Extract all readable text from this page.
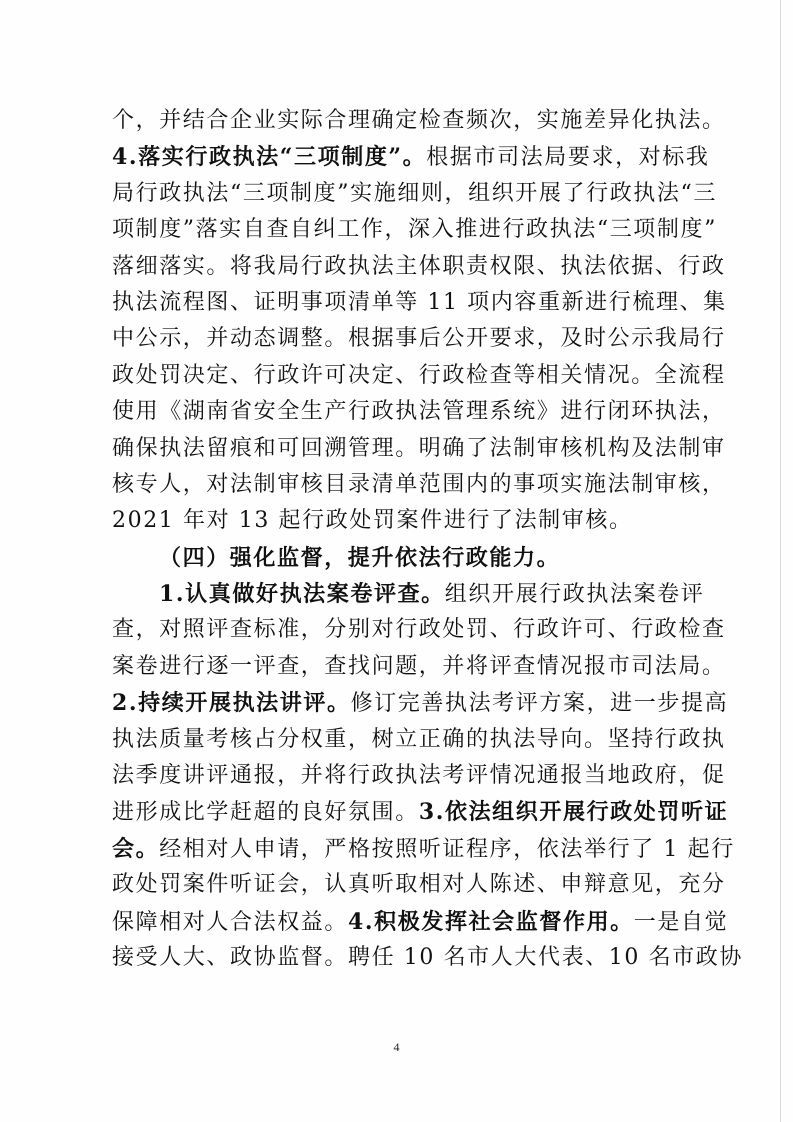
个，并结合企业实际合理确定检查频次，实施差异化执法。
4.落实行政执法“三项制度”。根据市司法局要求，对标我
局行政执法“三项制度”实施细则，组织开展了行政执法“三
项制度”落实自查自纠工作，深入推进行政执法“三项制度”
落细落实。将我局行政执法主体职责权限、执法依据、行政
执法流程图、证明事项清单等 11 项内容重新进行梳理、集
中公示，并动态调整。根据事后公开要求，及时公示我局行
政处罚决定、行政许可决定、行政检查等相关情况。全流程
使用《湖南省安全生产行政执法管理系统》进行闭环执法，
确保执法留痕和可回溯管理。明确了法制审核机构及法制审
核专人，对法制审核目录清单范围内的事项实施法制审核，
2021 年对 13 起行政处罚案件进行了法制审核。
（四）强化监督，提升依法行政能力。
1.认真做好执法案卷评查。组织开展行政执法案卷评
查，对照评查标准，分别对行政处罚、行政许可、行政检查
案卷进行逐一评查，查找问题，并将评查情况报市司法局。
2.持续开展执法讲评。修订完善执法考评方案，进一步提高
执法质量考核占分权重，树立正确的执法导向。坚持行政执
法季度讲评通报，并将行政执法考评情况通报当地政府，促
进形成比学赶超的良好氛围。3.依法组织开展行政处罚听证
会。经相对人申请，严格按照听证程序，依法举行了 1 起行
政处罚案件听证会，认真听取相对人陈述、申辩意见，充分
保障相对人合法权益。4.积极发挥社会监督作用。一是自觉
接受人大、政协监督。聘任 10 名市人大代表、10 名市政协
4
